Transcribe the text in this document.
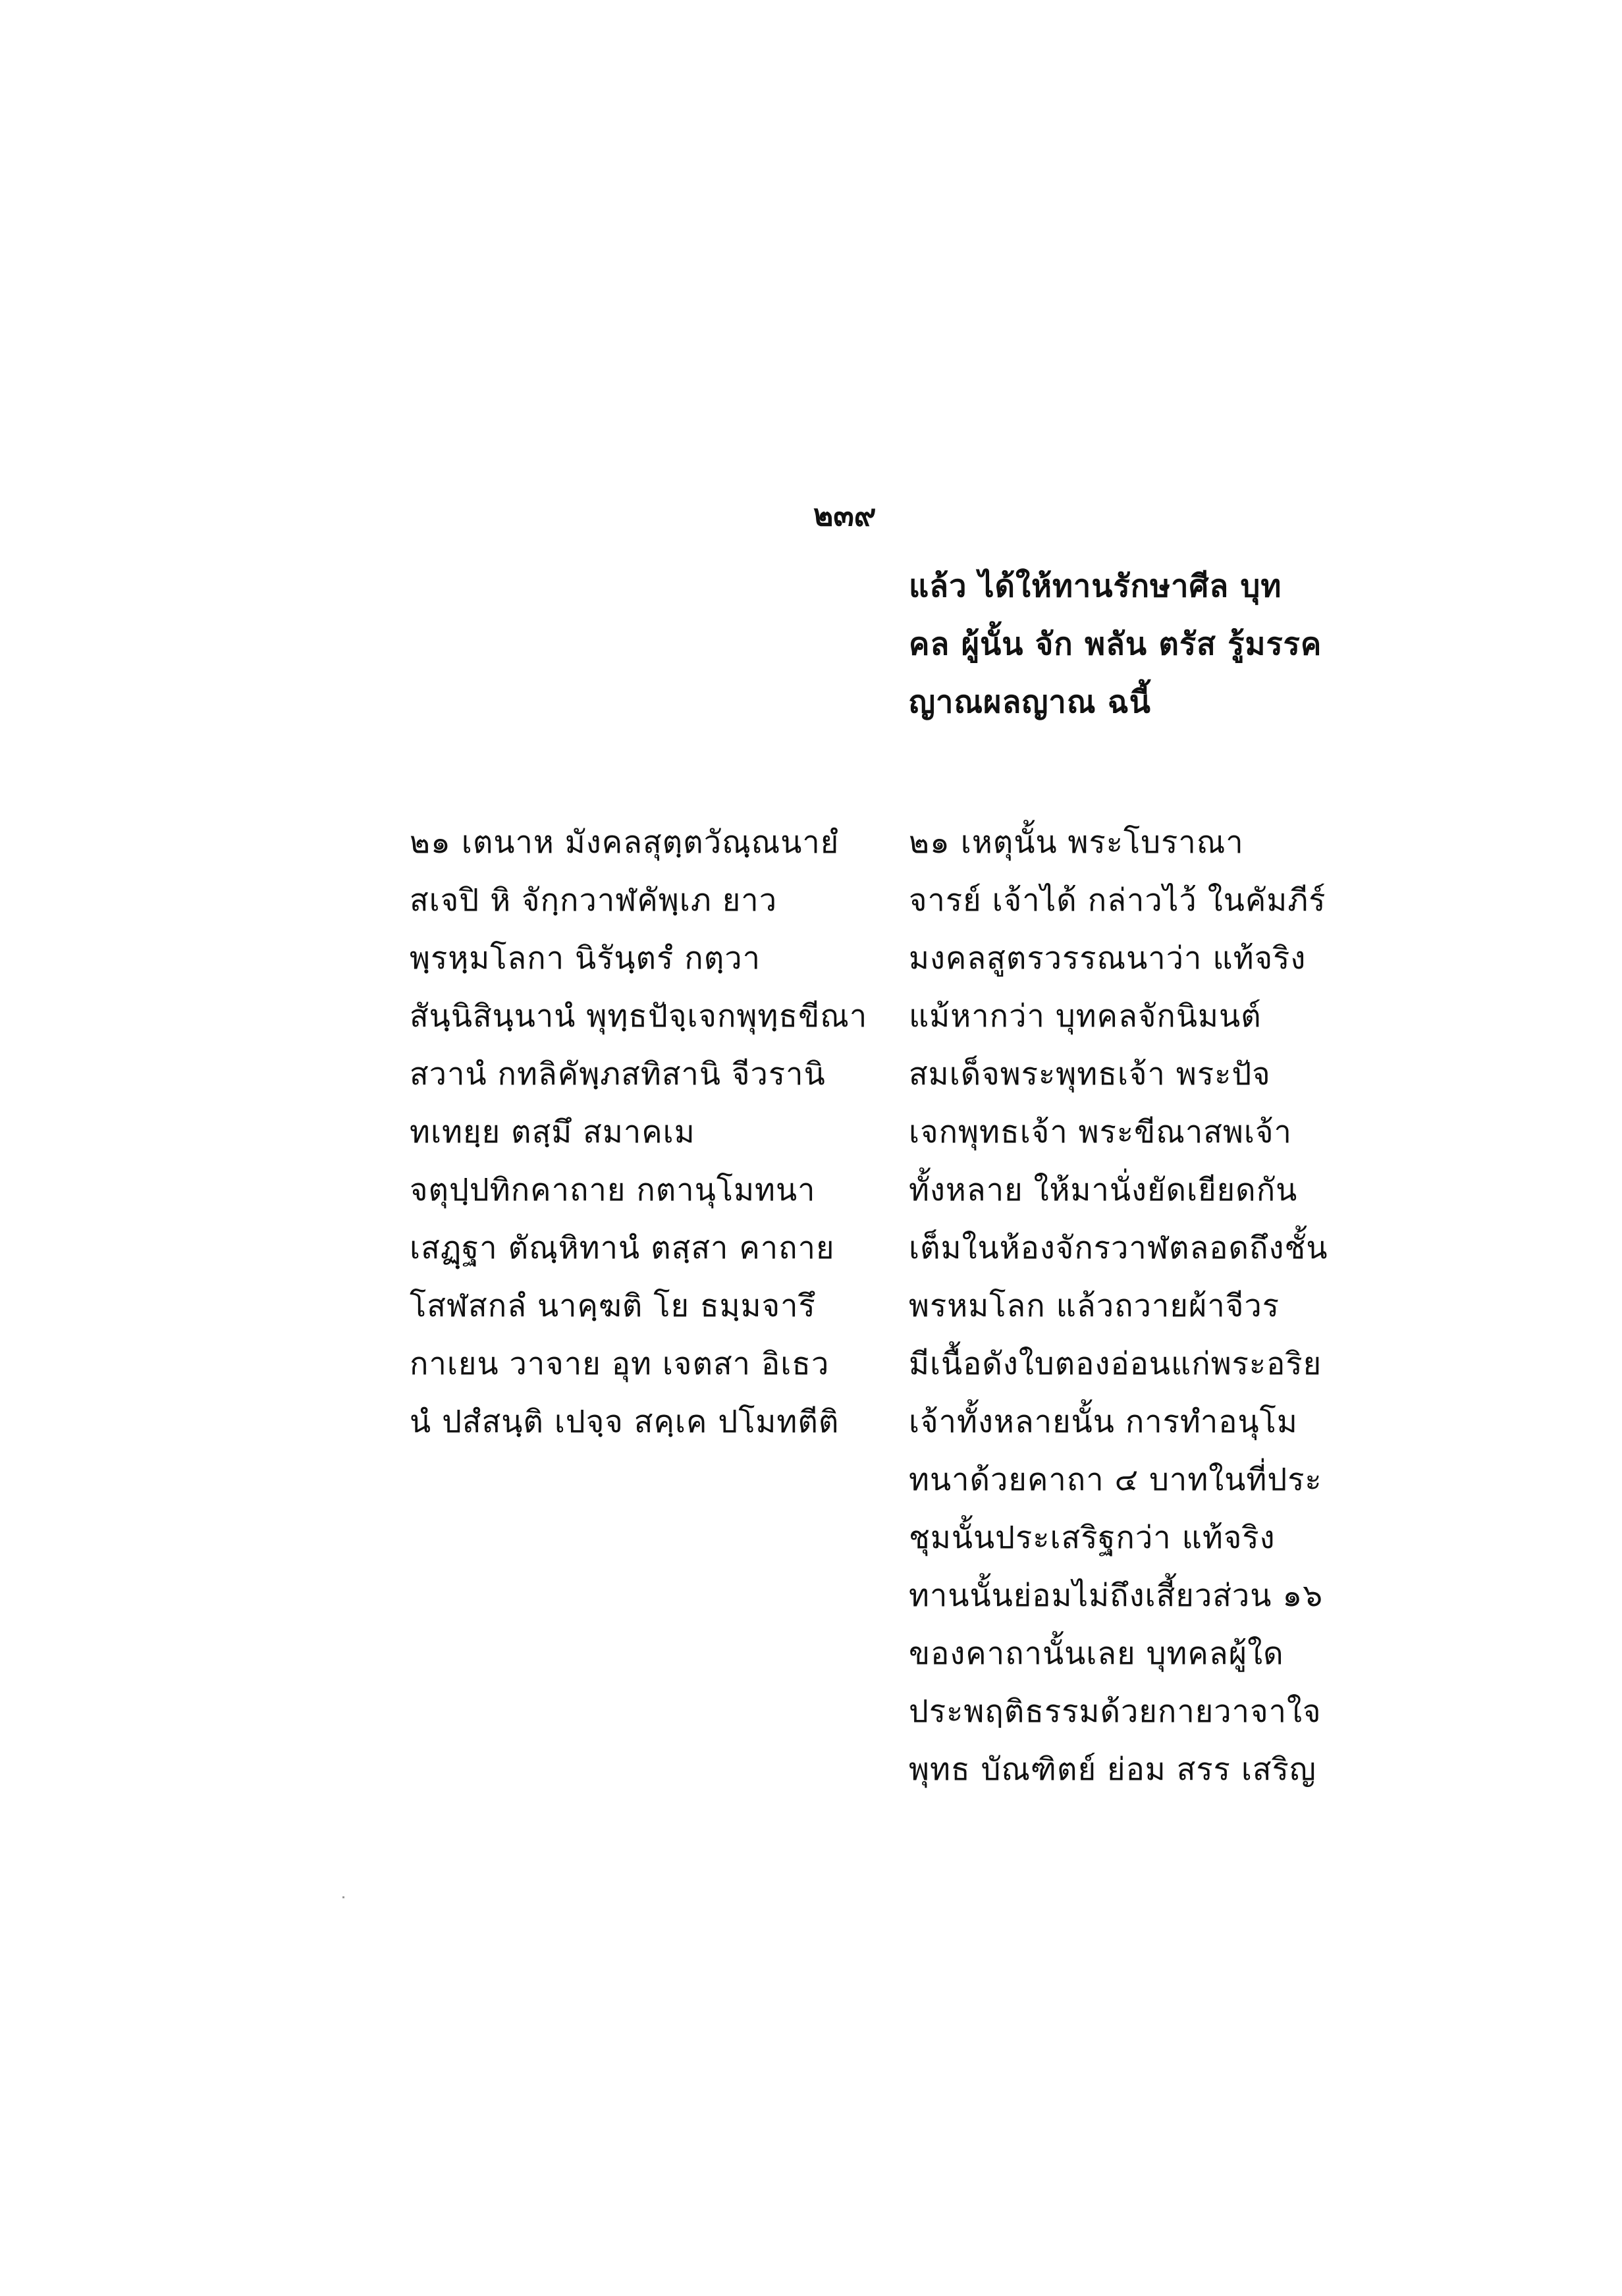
๒๓๙
แล้ว ได้ให้ทานรักษาศีล บุท
คล ผู้นั้น จัก พลัน ตรัส รู้มรรค
ญาณผลญาณ ฉนี้
๒๑ เตนาห มังคลสุตฺตวัณฺณนายํ
สเจปิ หิ จักฺกวาฬคัพฺเภ ยาว
พฺรหฺมโลกา นิรันฺตรํ กตฺวา
สันฺนิสินฺนานํ พุทฺธปัจฺเจกพุทฺธขีณา
สวานํ กทลิคัพฺภสทิสานิ จีวรานิ
ทเทยฺย ตสฺมึ สมาคเม
จตุปฺปทิกคาถาย กตานุโมทนา
เสฏฺฐา ตัณฺหิทานํ ตสฺสา คาถาย
โสฬสกลํ นาคฺฆติ โย ธมฺมจารึ
กาเยน วาจาย อุท เจตสา อิเธว
นํ ปสํสนฺติ เปจฺจ สคฺเค ปโมทตีติ
๒๑ เหตุนั้น พระโบราณา
จารย์ เจ้าได้ กล่าวไว้ ในคัมภีร์
มงคลสูตรวรรณนาว่า แท้จริง
แม้หากว่า บุทคลจักนิมนต์
สมเด็จพระพุทธเจ้า พระปัจ
เจกพุทธเจ้า พระขีณาสพเจ้า
ทั้งหลาย ให้มานั่งยัดเยียดกัน
เต็มในห้องจักรวาฬตลอดถึงชั้น
พรหมโลก แล้วถวายผ้าจีวร
มีเนื้อดังใบตองอ่อนแก่พระอริย
เจ้าทั้งหลายนั้น การทำอนุโม
ทนาด้วยคาถา ๔ บาทในที่ประ
ชุมนั้นประเสริฐกว่า แท้จริง
ทานนั้นย่อมไม่ถึงเสี้ยวส่วน ๑๖
ของคาถานั้นเลย บุทคลผู้ใด
ประพฤติธรรมด้วยกายวาจาใจ
พุทธ บัณฑิตย์ ย่อม สรร เสริญ
